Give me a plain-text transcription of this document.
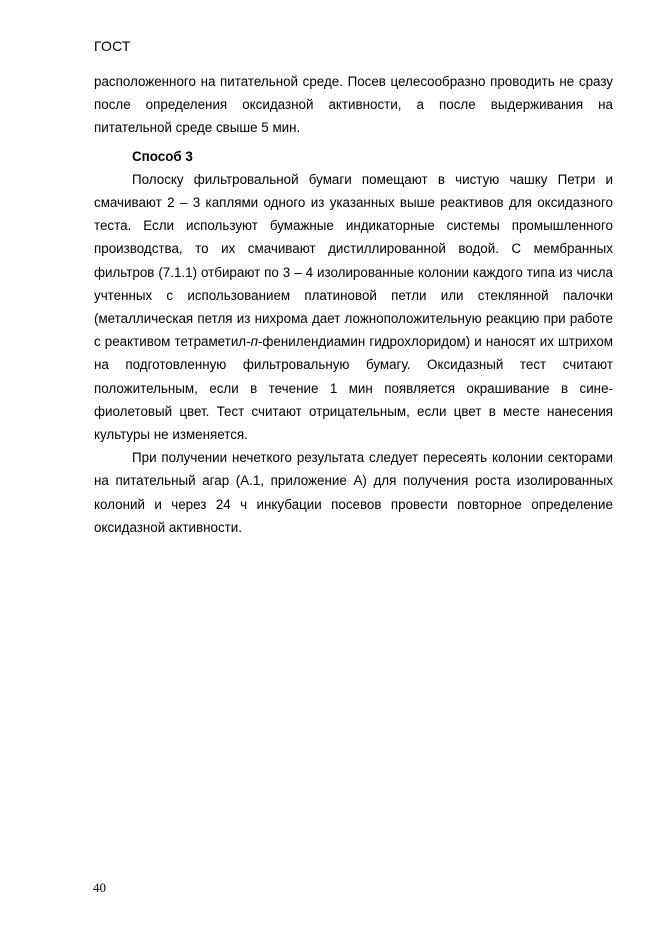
ГОСТ

расположенного на питательной среде. Посев целесообразно проводить не сразу после определения оксидазной активности, а после выдерживания на питательной среде свыше 5 мин.

Способ 3

Полоску фильтровальной бумаги помещают в чистую чашку Петри и смачивают 2 – 3 каплями одного из указанных выше реактивов для оксидазного теста. Если используют бумажные индикаторные системы промышленного производства, то их смачивают дистиллированной водой. С мембранных фильтров (7.1.1) отбирают по 3 – 4 изолированные колонии каждого типа из числа учтенных с использованием платиновой петли или стеклянной палочки (металлическая петля из нихрома дает ложноположительную реакцию при работе с реактивом тетраметил-п-фенилендиамин гидрохлоридом) и наносят их штрихом на подготовленную фильтровальную бумагу. Оксидазный тест считают положительным, если в течение 1 мин появляется окрашивание в сине-фиолетовый цвет. Тест считают отрицательным, если цвет в месте нанесения культуры не изменяется.

При получении нечеткого результата следует пересеять колонии секторами на питательный агар (А.1, приложение А) для получения роста изолированных колоний и через 24 ч инкубации посевов провести повторное определение оксидазной активности.

40
